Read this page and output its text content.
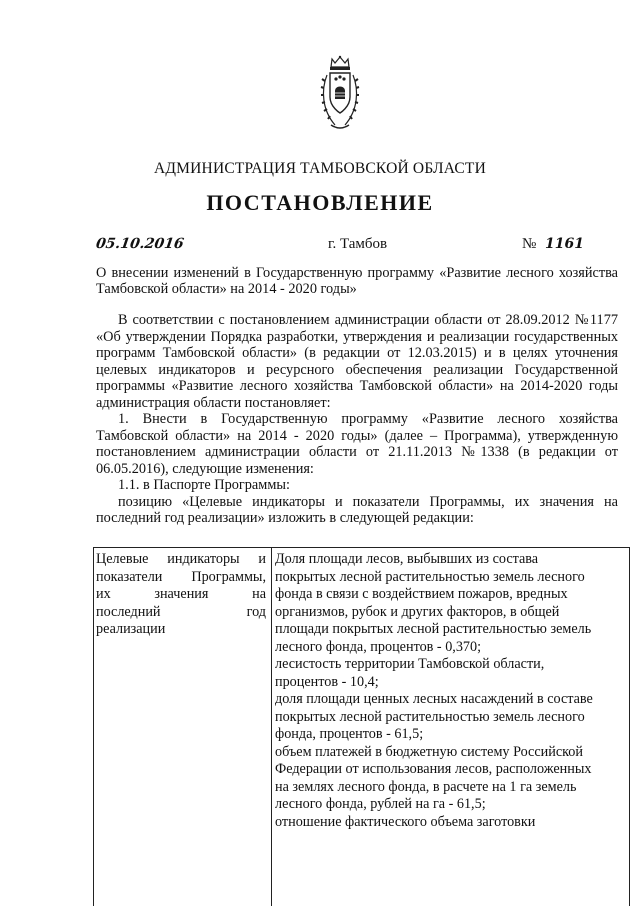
АДМИНИСТРАЦИЯ ТАМБОВСКОЙ ОБЛАСТИ
ПОСТАНОВЛЕНИЕ
05.10.2016	г. Тамбов	№ 1161
О внесении изменений в Государственную программу «Развитие лесного хозяйства Тамбовской области» на 2014 - 2020 годы»

В соответствии с постановлением администрации области от 28.09.2012 №1177 «Об утверждении Порядка разработки, утверждения и реализации государственных программ Тамбовской области» (в редакции от 12.03.2015) и в целях уточнения целевых индикаторов и ресурсного обеспечения реализации Государственной программы «Развитие лесного хозяйства Тамбовской области» на 2014-2020 годы администрация области постановляет:

1. Внести в Государственную программу «Развитие лесного хозяйства Тамбовской области» на 2014 - 2020 годы» (далее – Программа), утвержденную постановлением администрации области от 21.11.2013 №1338 (в редакции от 06.05.2016), следующие изменения:

1.1. в Паспорте Программы:

позицию «Целевые индикаторы и показатели Программы, их значения на последний год реализации» изложить в следующей редакции:

Целевые индикаторы и
показатели Программы,
их значения на
последний год
реализации
Доля площади лесов, выбывших из состава
покрытых лесной растительностью земель лесного
фонда в связи с воздействием пожаров, вредных
организмов, рубок и других факторов, в общей
площади покрытых лесной растительностью земель
лесного фонда, процентов - 0,370;
лесистость территории Тамбовской области,
процентов - 10,4;
доля площади ценных лесных насаждений в составе
покрытых лесной растительностью земель лесного
фонда, процентов - 61,5;
объем платежей в бюджетную систему Российской
Федерации от использования лесов, расположенных
на землях лесного фонда, в расчете на 1 га земель
лесного фонда, рублей на га - 61,5;
отношение фактического объема заготовки
